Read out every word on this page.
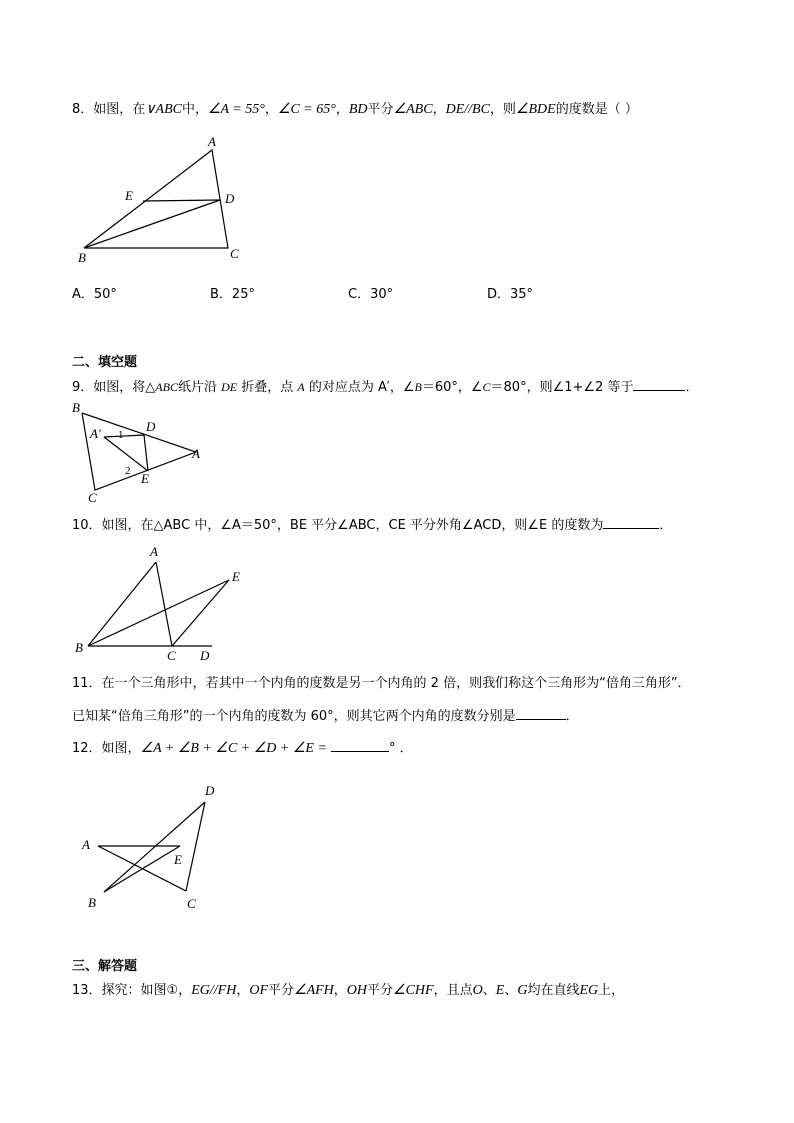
8．如图，在∨ABC中，∠A = 55°，∠C = 65°，BD平分∠ABC，DE//BC，则∠BDE的度数是（ ）
A
E	D
B	C
A．50°	B．25°	C．30°	D．35°
二、填空题
9．如图，将△ABC纸片沿 DE 折叠，点 A 的对应点为 A′，∠B＝60°，∠C＝80°，则∠1+∠2 等于	．
B
A′ 1
D
A
2 E
C
10．如图，在△ABC 中，∠A＝50°，BE 平分∠ABC，CE 平分外角∠ACD，则∠E 的度数为	．
A
E
B
C D
11．在一个三角形中，若其中一个内角的度数是另一个内角的 2 倍，则我们称这个三角形为“倍角三角形”．
已知某“倍角三角形”的一个内角的度数为 60°，则其它两个内角的度数分别是	．
12．如图，∠A + ∠B + ∠C + ∠D + ∠E =	° ．
D
A
E
B	C
三、解答题
13．探究：如图①，EG//FH，OF平分∠AFH，OH平分∠CHF，且点O、E、G均在直线EG上，
